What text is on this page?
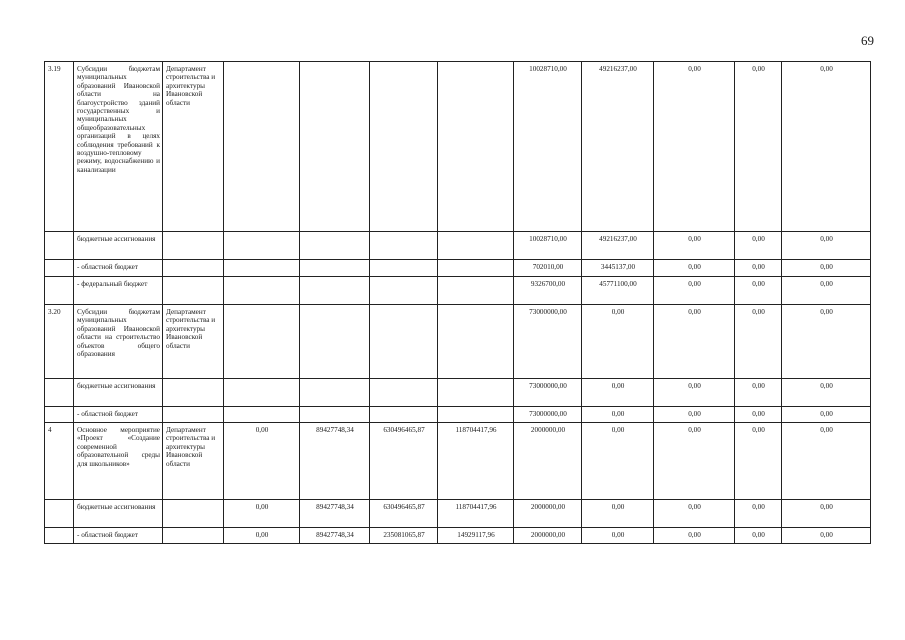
69
3.19	Субсидии бюджетам муниципальных образований Ивановской области на благоустройство зданий государственных и муниципальных общеобразовательных организаций в целях соблюдения требований к воздушно-тепловому режиму, водоснабжению и канализации	Департамент строительства и архитектуры Ивановской области					10028710,00	49216237,00	0,00	0,00	0,00
	бюджетные ассигнования						10028710,00	49216237,00	0,00	0,00	0,00
	- областной бюджет						702010,00	3445137,00	0,00	0,00	0,00
	- федеральный бюджет						9326700,00	45771100,00	0,00	0,00	0,00
3.20	Субсидии бюджетам муниципальных образований Ивановской области на строительство объектов общего образования	Департамент строительства и архитектуры Ивановской области					73000000,00	0,00	0,00	0,00	0,00
	бюджетные ассигнования						73000000,00	0,00	0,00	0,00	0,00
	- областной бюджет						73000000,00	0,00	0,00	0,00	0,00
4	Основное мероприятие «Проект «Создание современной образовательной среды для школьников»	Департамент строительства и архитектуры Ивановской области	0,00	89427748,34	630496465,87	118704417,96	2000000,00	0,00	0,00	0,00	0,00
	бюджетные ассигнования		0,00	89427748,34	630496465,87	118704417,96	2000000,00	0,00	0,00	0,00	0,00
	- областной бюджет		0,00	89427748,34	235081065,87	14929117,96	2000000,00	0,00	0,00	0,00	0,00
